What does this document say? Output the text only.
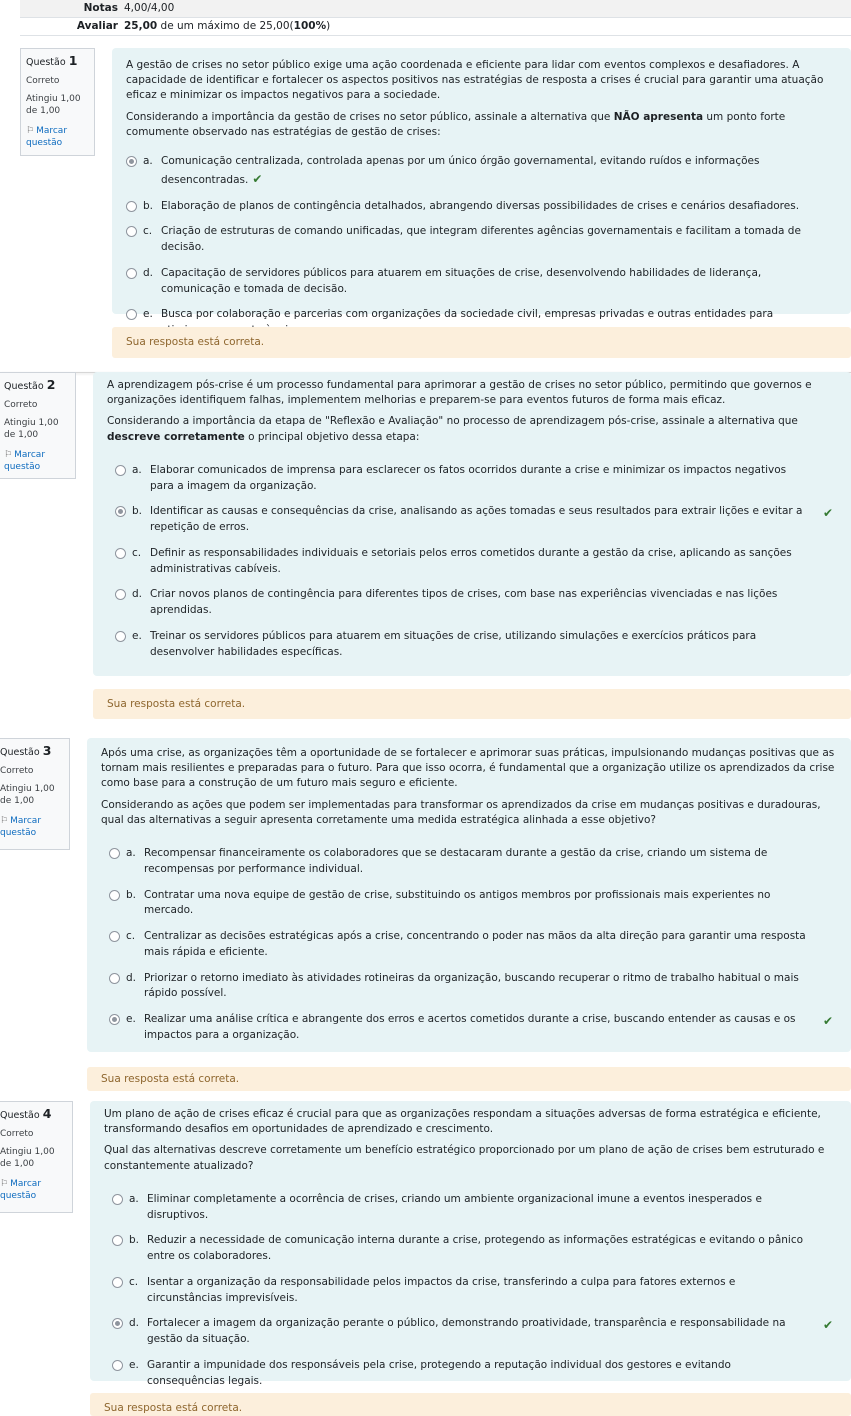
Notas 4,00/4,00
Avaliar 25,00 de um máximo de 25,00(100%)
Questão 1
Correto
Atingiu 1,00 de 1,00
⚐ Marcar questão

A gestão de crises no setor público exige uma ação coordenada e eficiente para lidar com eventos complexos e desafiadores. A capacidade de identificar e fortalecer os aspectos positivos nas estratégias de resposta a crises é crucial para garantir uma atuação eficaz e minimizar os impactos negativos para a sociedade.

Considerando a importância da gestão de crises no setor público, assinale a alternativa que NÃO apresenta um ponto forte comumente observado nas estratégias de gestão de crises:

a. Comunicação centralizada, controlada apenas por um único órgão governamental, evitando ruídos e informações desencontradas. ✔
b. Elaboração de planos de contingência detalhados, abrangendo diversas possibilidades de crises e cenários desafiadores.
c. Criação de estruturas de comando unificadas, que integram diferentes agências governamentais e facilitam a tomada de decisão.
d. Capacitação de servidores públicos para atuarem em situações de crise, desenvolvendo habilidades de liderança, comunicação e tomada de decisão.
e. Busca por colaboração e parcerias com organizações da sociedade civil, empresas privadas e outras entidades para
Sua resposta está correta.
Questão 2
Correto
Atingiu 1,00 de 1,00
⚐ Marcar questão

A aprendizagem pós-crise é um processo fundamental para aprimorar a gestão de crises no setor público, permitindo que governos e organizações identifiquem falhas, implementem melhorias e preparem-se para eventos futuros de forma mais eficaz.

Considerando a importância da etapa de "Reflexão e Avaliação" no processo de aprendizagem pós-crise, assinale a alternativa que descreve corretamente o principal objetivo dessa etapa:

a. Elaborar comunicados de imprensa para esclarecer os fatos ocorridos durante a crise e minimizar os impactos negativos para a imagem da organização.
b. Identificar as causas e consequências da crise, analisando as ações tomadas e seus resultados para extrair lições e evitar a repetição de erros.
✔
c. Definir as responsabilidades individuais e setoriais pelos erros cometidos durante a gestão da crise, aplicando as sanções administrativas cabíveis.
d. Criar novos planos de contingência para diferentes tipos de crises, com base nas experiências vivenciadas e nas lições aprendidas.
e. Treinar os servidores públicos para atuarem em situações de crise, utilizando simulações e exercícios práticos para desenvolver habilidades específicas.
Sua resposta está correta.
Questão 3
Correto
Atingiu 1,00 de 1,00
⚐ Marcar questão

Após uma crise, as organizações têm a oportunidade de se fortalecer e aprimorar suas práticas, impulsionando mudanças positivas que as tornam mais resilientes e preparadas para o futuro. Para que isso ocorra, é fundamental que a organização utilize os aprendizados da crise como base para a construção de um futuro mais seguro e eficiente.

Considerando as ações que podem ser implementadas para transformar os aprendizados da crise em mudanças positivas e duradouras, qual das alternativas a seguir apresenta corretamente uma medida estratégica alinhada a esse objetivo?

a. Recompensar financeiramente os colaboradores que se destacaram durante a gestão da crise, criando um sistema de recompensas por performance individual.
b. Contratar uma nova equipe de gestão de crise, substituindo os antigos membros por profissionais mais experientes no mercado.
c. Centralizar as decisões estratégicas após a crise, concentrando o poder nas mãos da alta direção para garantir uma resposta mais rápida e eficiente.
d. Priorizar o retorno imediato às atividades rotineiras da organização, buscando recuperar o ritmo de trabalho habitual o mais rápido possível.
e. Realizar uma análise crítica e abrangente dos erros e acertos cometidos durante a crise, buscando entender as causas e os impactos para a organização.
✔
Sua resposta está correta.
Questão 4
Correto
Atingiu 1,00 de 1,00
⚐ Marcar questão

Um plano de ação de crises eficaz é crucial para que as organizações respondam a situações adversas de forma estratégica e eficiente, transformando desafios em oportunidades de aprendizado e crescimento.

Qual das alternativas descreve corretamente um benefício estratégico proporcionado por um plano de ação de crises bem estruturado e constantemente atualizado?

a. Eliminar completamente a ocorrência de crises, criando um ambiente organizacional imune a eventos inesperados e disruptivos.
b. Reduzir a necessidade de comunicação interna durante a crise, protegendo as informações estratégicas e evitando o pânico entre os colaboradores.
c. Isentar a organização da responsabilidade pelos impactos da crise, transferindo a culpa para fatores externos e circunstâncias imprevisíveis.
d. Fortalecer a imagem da organização perante o público, demonstrando proatividade, transparência e responsabilidade na gestão da situação.
✔
e. Garantir a impunidade dos responsáveis pela crise, protegendo a reputação individual dos gestores e evitando consequências legais.
Sua resposta está correta.
